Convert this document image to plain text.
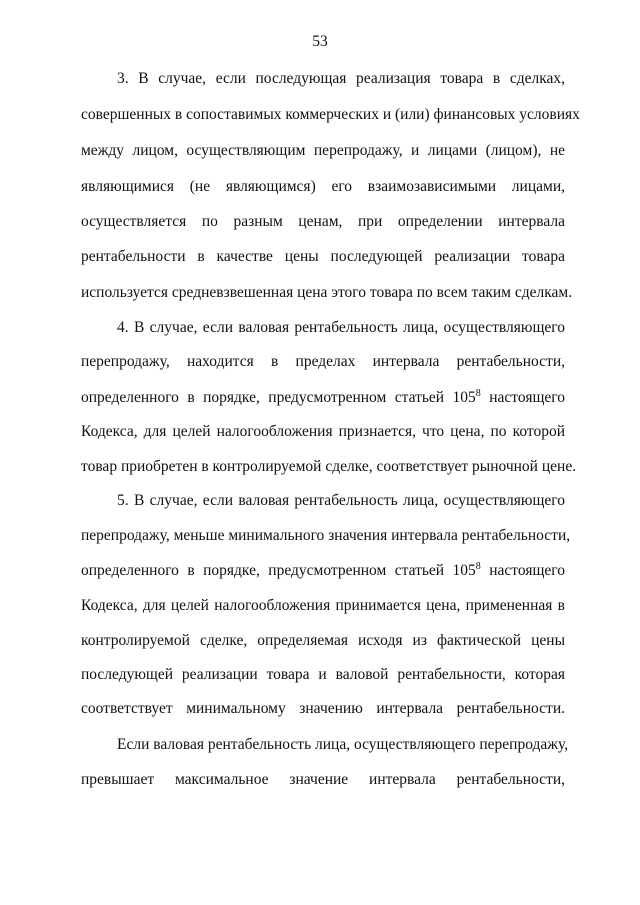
53
3. В случае, если последующая реализация товара в сделках,
совершенных в сопоставимых коммерческих и (или) финансовых условиях
между лицом, осуществляющим перепродажу, и лицами (лицом), не
являющимися (не являющимся) его взаимозависимыми лицами,
осуществляется по разным ценам, при определении интервала
рентабельности в качестве цены последующей реализации товара
используется средневзвешенная цена этого товара по всем таким сделкам.
4. В случае, если валовая рентабельность лица, осуществляющего
перепродажу, находится в пределах интервала рентабельности,
определенного в порядке, предусмотренном статьей $105^8$ настоящего
Кодекса, для целей налогообложения признается, что цена, по которой
товар приобретен в контролируемой сделке, соответствует рыночной цене.
5. В случае, если валовая рентабельность лица, осуществляющего
перепродажу, меньше минимального значения интервала рентабельности,
определенного в порядке, предусмотренном статьей $105^8$ настоящего
Кодекса, для целей налогообложения принимается цена, примененная в
контролируемой сделке, определяемая исходя из фактической цены
последующей реализации товара и валовой рентабельности, которая
соответствует минимальному значению интервала рентабельности.
Если валовая рентабельность лица, осуществляющего перепродажу,
превышает максимальное значение интервала рентабельности,
